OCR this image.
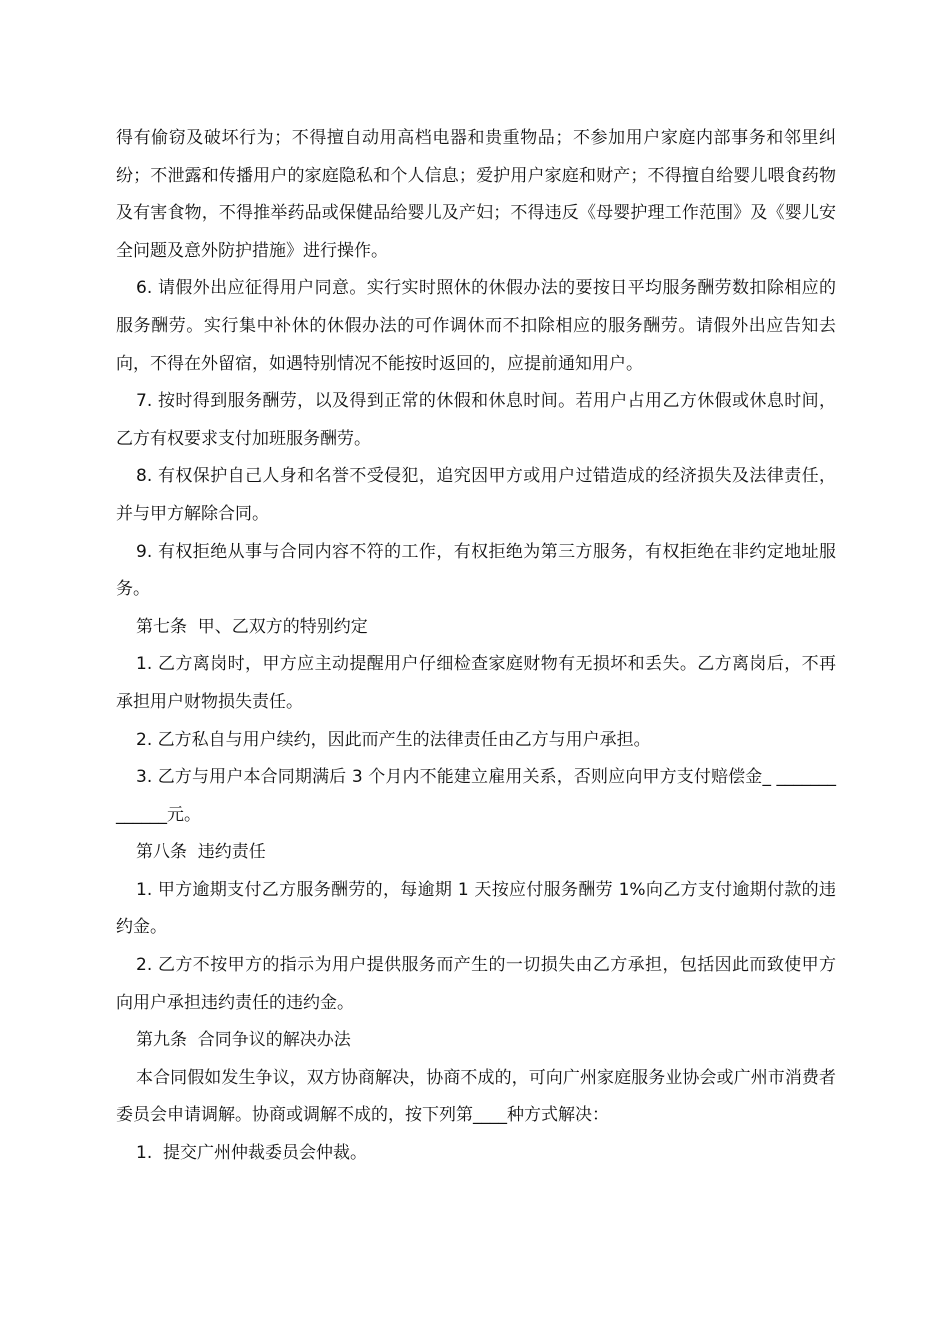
得有偷窃及破坏行为；不得擅自动用高档电器和贵重物品；不参加用户家庭内部事务和邻里纠纷；不泄露和传播用户的家庭隐私和个人信息；爱护用户家庭和财产；不得擅自给婴儿喂食药物及有害食物，不得推举药品或保健品给婴儿及产妇；不得违反《母婴护理工作范围》及《婴儿安全问题及意外防护措施》进行操作。

6. 请假外出应征得用户同意。实行实时照休的休假办法的要按日平均服务酬劳数扣除相应的服务酬劳。实行集中补休的休假办法的可作调休而不扣除相应的服务酬劳。请假外出应告知去向，不得在外留宿，如遇特别情况不能按时返回的，应提前通知用户。

7. 按时得到服务酬劳，以及得到正常的休假和休息时间。若用户占用乙方休假或休息时间，乙方有权要求支付加班服务酬劳。

8. 有权保护自己人身和名誉不受侵犯，追究因甲方或用户过错造成的经济损失及法律责任，并与甲方解除合同。

9. 有权拒绝从事与合同内容不符的工作，有权拒绝为第三方服务，有权拒绝在非约定地址服务。

第七条  甲、乙双方的特别约定

1. 乙方离岗时，甲方应主动提醒用户仔细检查家庭财物有无损坏和丢失。乙方离岗后，不再承担用户财物损失责任。

2. 乙方私自与用户续约，因此而产生的法律责任由乙方与用户承担。

3. 乙方与用户本合同期满后 3 个月内不能建立雇用关系，否则应向甲方支付赔偿金_ _____________元。

第八条  违约责任

1. 甲方逾期支付乙方服务酬劳的，每逾期 1 天按应付服务酬劳 1%向乙方支付逾期付款的违约金。

2. 乙方不按甲方的指示为用户提供服务而产生的一切损失由乙方承担，包括因此而致使甲方向用户承担违约责任的违约金。

第九条  合同争议的解决办法

本合同假如发生争议，双方协商解决，协商不成的，可向广州家庭服务业协会或广州市消费者委员会申请调解。协商或调解不成的，按下列第____种方式解决：

1.  提交广州仲裁委员会仲裁。
